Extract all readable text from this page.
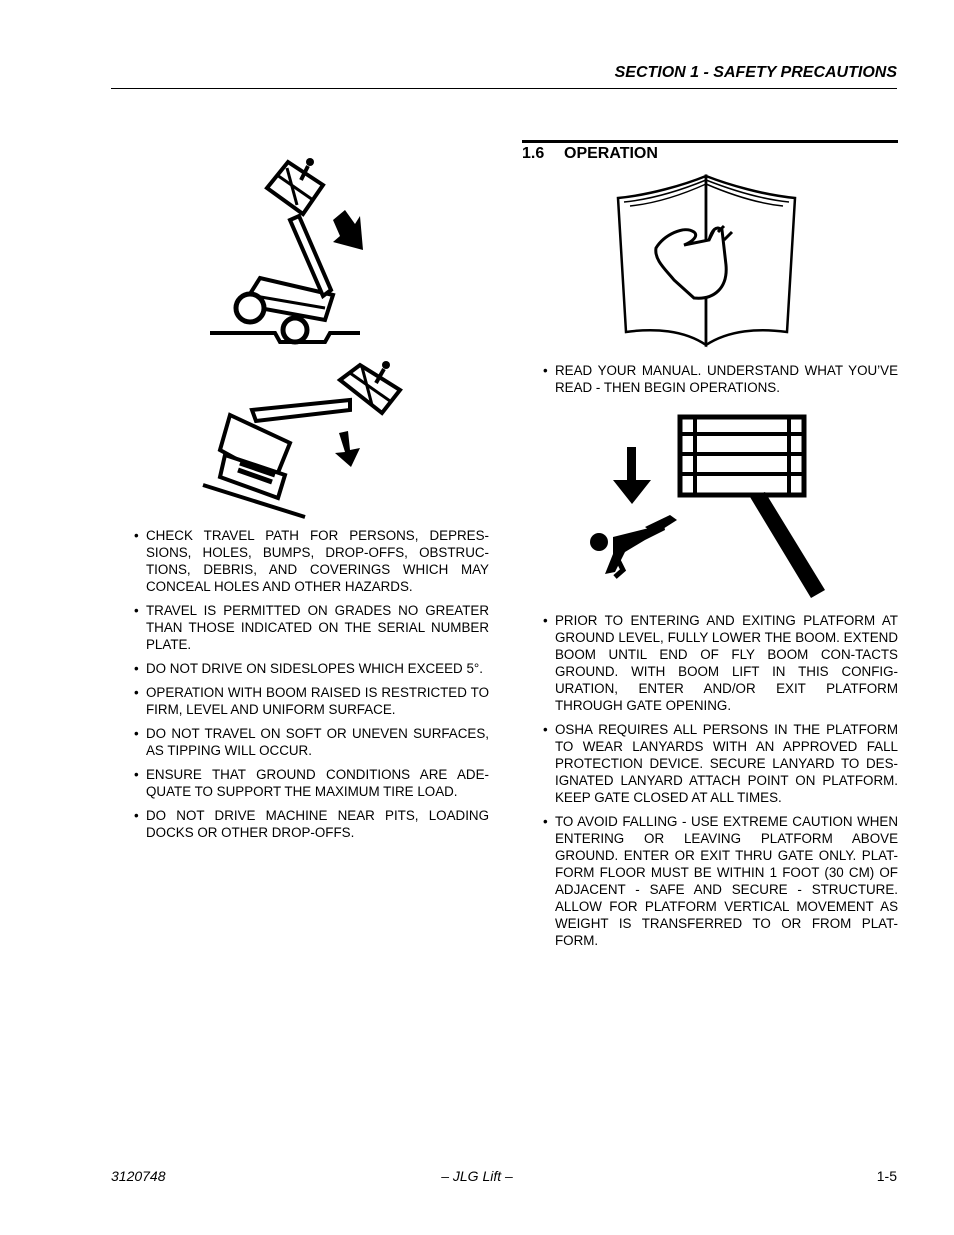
SECTION 1 - SAFETY PRECAUTIONS
• CHECK TRAVEL PATH FOR PERSONS, DEPRES-SIONS, HOLES, BUMPS, DROP-OFFS, OBSTRUC-TIONS, DEBRIS, AND COVERINGS WHICH MAY CONCEAL HOLES AND OTHER HAZARDS.
• TRAVEL IS PERMITTED ON GRADES NO GREATER THAN THOSE INDICATED ON THE SERIAL NUMBER PLATE.
• DO NOT DRIVE ON SIDESLOPES WHICH EXCEED 5°.
• OPERATION WITH BOOM RAISED IS RESTRICTED TO FIRM, LEVEL AND UNIFORM SURFACE.
• DO NOT TRAVEL ON SOFT OR UNEVEN SURFACES, AS TIPPING WILL OCCUR.
• ENSURE THAT GROUND CONDITIONS ARE ADE-QUATE TO SUPPORT THE MAXIMUM TIRE LOAD.
• DO NOT DRIVE MACHINE NEAR PITS, LOADING DOCKS OR OTHER DROP-OFFS.
1.6 OPERATION
• READ YOUR MANUAL. UNDERSTAND WHAT YOU’VE READ - THEN BEGIN OPERATIONS.
• PRIOR TO ENTERING AND EXITING PLATFORM AT GROUND LEVEL, FULLY LOWER THE BOOM. EXTEND BOOM UNTIL END OF FLY BOOM CON-TACTS GROUND. WITH BOOM LIFT IN THIS CONFIG-URATION, ENTER AND/OR EXIT PLATFORM THROUGH GATE OPENING.
• OSHA REQUIRES ALL PERSONS IN THE PLATFORM TO WEAR LANYARDS WITH AN APPROVED FALL PROTECTION DEVICE. SECURE LANYARD TO DES-IGNATED LANYARD ATTACH POINT ON PLATFORM. KEEP GATE CLOSED AT ALL TIMES.
• TO AVOID FALLING - USE EXTREME CAUTION WHEN ENTERING OR LEAVING PLATFORM ABOVE GROUND. ENTER OR EXIT THRU GATE ONLY. PLAT-FORM FLOOR MUST BE WITHIN 1 FOOT (30 CM) OF ADJACENT - SAFE AND SECURE - STRUCTURE. ALLOW FOR PLATFORM VERTICAL MOVEMENT AS WEIGHT IS TRANSFERRED TO OR FROM PLAT-FORM.
3120748	– JLG Lift –	1-5
